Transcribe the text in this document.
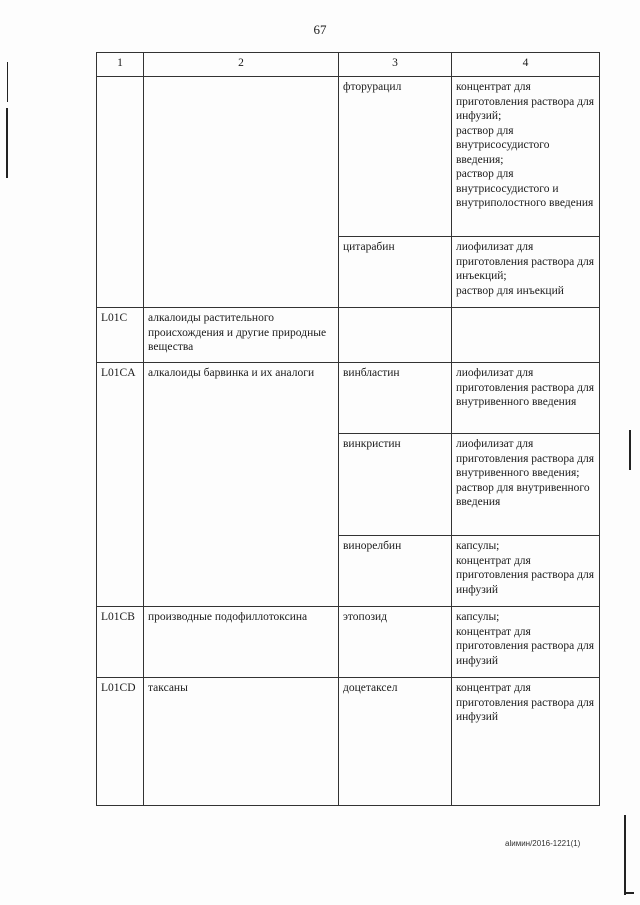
67
1	2	3	4
		фторурацил	концентрат для приготовления раствора для инфузий;
раствор для внутрисосудистого введения;
раствор для внутрисосудистого и внутриполостного введения
		цитарабин	лиофилизат для приготовления раствора для инъекций;
раствор для инъекций
L01C	алкалоиды растительного происхождения и другие природные вещества		
L01CA	алкалоиды барвинка и их аналоги	винбластин	лиофилизат для приготовления раствора для внутривенного введения
		винкристин	лиофилизат для приготовления раствора для внутривенного введения;
раствор для внутривенного введения
		винорелбин	капсулы;
концентрат для приготовления раствора для инфузий
L01CB	производные подофиллотоксина	этопозид	капсулы;
концентрат для приготовления раствора для инфузий
L01CD	таксаны	доцетаксел	концентрат для приготовления раствора для инфузий
аlимин/2016-1221(1)
